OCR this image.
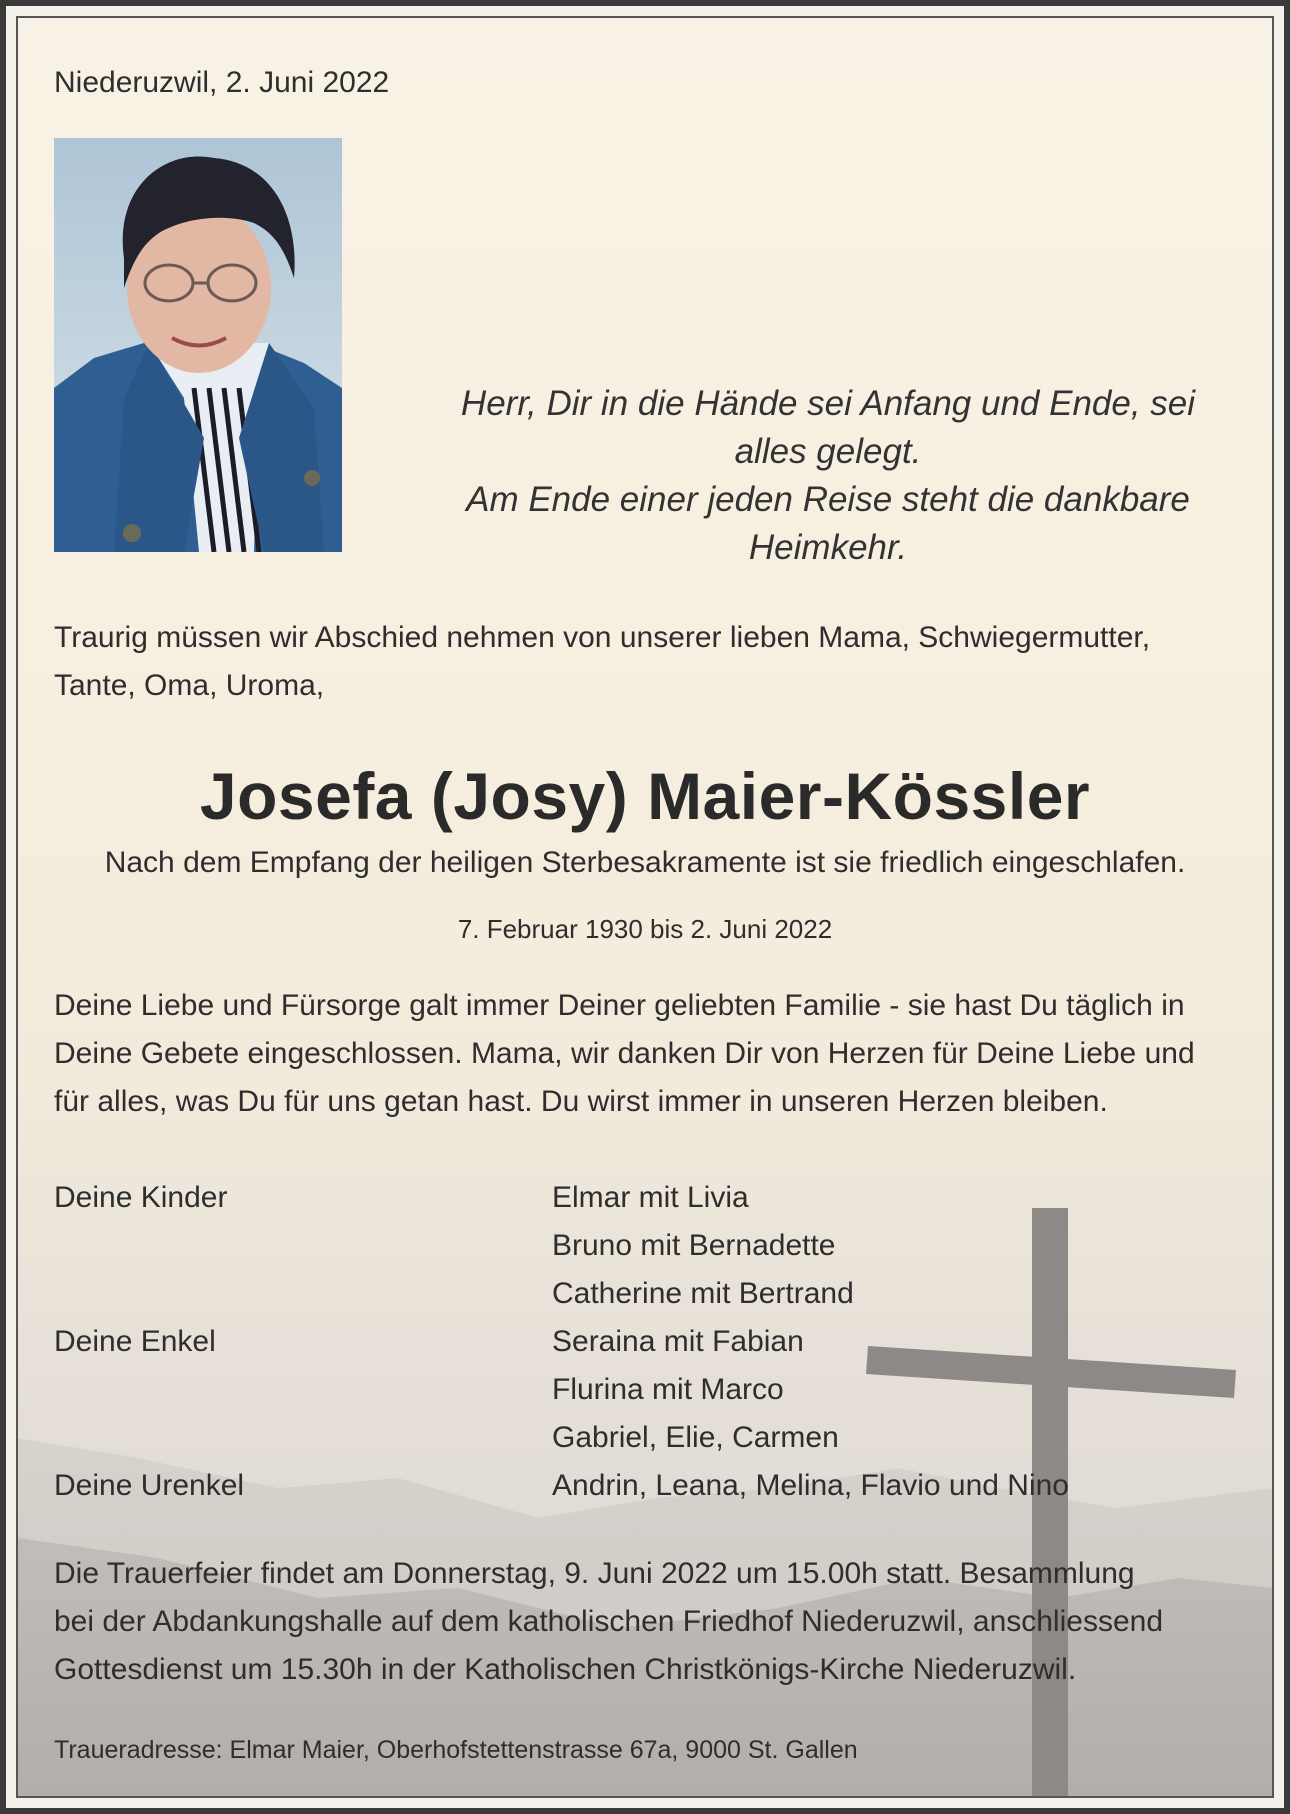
Niederuzwil, 2. Juni 2022
Herr, Dir in die Hände sei Anfang und Ende, sei
alles gelegt.
Am Ende einer jeden Reise steht die dankbare
Heimkehr.
Traurig müssen wir Abschied nehmen von unserer lieben Mama, Schwiegermutter,
Tante, Oma, Uroma,
Josefa (Josy) Maier-Kössler
Nach dem Empfang der heiligen Sterbesakramente ist sie friedlich eingeschlafen.
7. Februar 1930 bis 2. Juni 2022
Deine Liebe und Fürsorge galt immer Deiner geliebten Familie - sie hast Du täglich in
Deine Gebete eingeschlossen. Mama, wir danken Dir von Herzen für Deine Liebe und
für alles, was Du für uns getan hast. Du wirst immer in unseren Herzen bleiben.
Deine Kinder	Elmar mit Livia
Bruno mit Bernadette
Catherine mit Bertrand
Deine Enkel	Seraina mit Fabian
Flurina mit Marco
Gabriel, Elie, Carmen
Deine Urenkel	Andrin, Leana, Melina, Flavio und Nino
Die Trauerfeier findet am Donnerstag, 9. Juni 2022 um 15.00h statt. Besammlung
bei der Abdankungshalle auf dem katholischen Friedhof Niederuzwil, anschliessend
Gottesdienst um 15.30h in der Katholischen Christkönigs-Kirche Niederuzwil.
Traueradresse: Elmar Maier, Oberhofstettenstrasse 67a, 9000 St. Gallen
